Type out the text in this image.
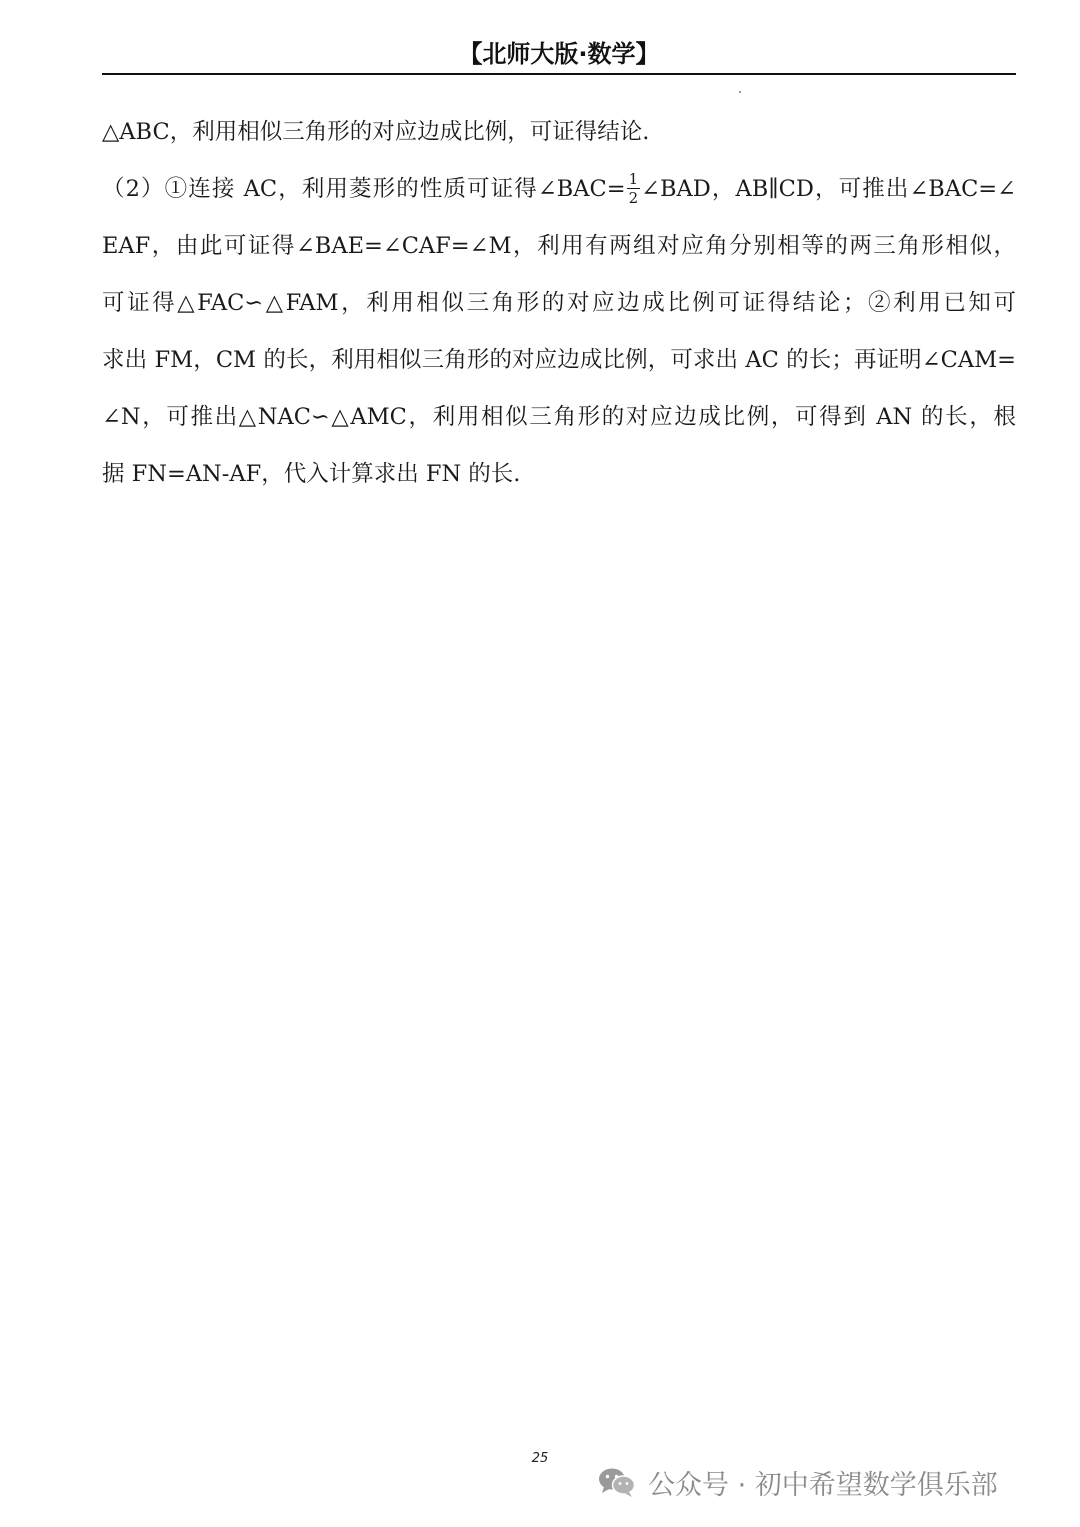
【北师大版·数学】
△ABC，利用相似三角形的对应边成比例，可证得结论.
（2）①连接 AC，利用菱形的性质可证得∠BAC= $\frac{1}{2}$ ∠BAD，AB∥CD，可推出∠BAC=∠
EAF，由此可证得∠BAE=∠CAF=∠M，利用有两组对应角分别相等的两三角形相似，
可证得△FAC∽△FAM，利用相似三角形的对应边成比例可证得结论；②利用已知可
求出 FM，CM 的长，利用相似三角形的对应边成比例，可求出 AC 的长；再证明∠CAM=
∠N，可推出△NAC∽△AMC，利用相似三角形的对应边成比例，可得到 AN 的长，根
据 FN=AN-AF，代入计算求出 FN 的长.
25
公众号 · 初中希望数学俱乐部
